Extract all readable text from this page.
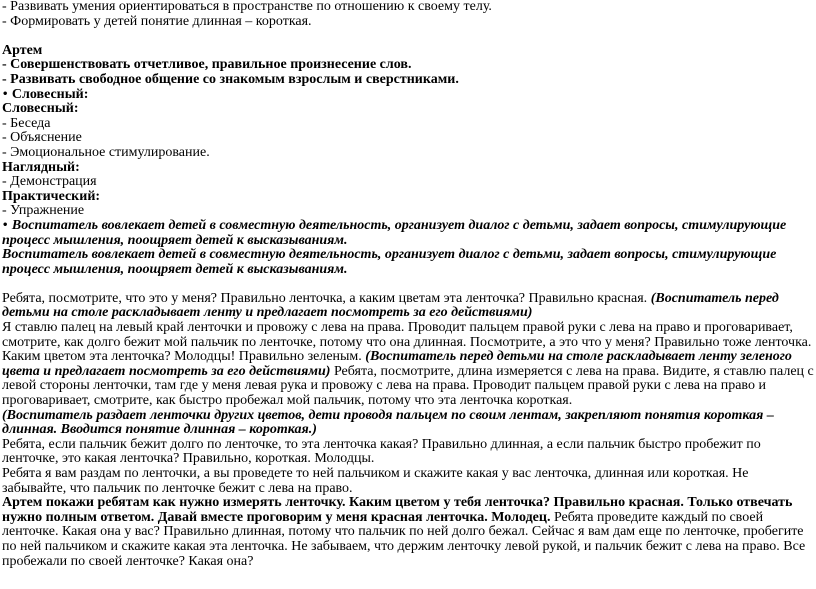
- Развивать умения ориентироваться в пространстве по отношению к своему телу.

- Формировать у детей понятие длинная – короткая.

Артем

- Совершенствовать отчетливое, правильное произнесение слов.

- Развивать свободное общение со знакомым взрослым и сверстниками.

• Словесный:

Словесный:

- Беседа

- Объяснение

- Эмоциональное стимулирование.

Наглядный:

- Демонстрация

Практический:

- Упражнение

• Воспитатель вовлекает детей в совместную деятельность, организует диалог с детьми, задает вопросы, стимулирующие процесс мышления, поощряет детей к высказываниям.

Воспитатель вовлекает детей в совместную деятельность, организует диалог с детьми, задает вопросы, стимулирующие процесс мышления, поощряет детей к высказываниям.

Ребята, посмотрите, что это у меня? Правильно ленточка, а каким цветам эта ленточка? Правильно красная. (Воспитатель перед детьми на столе раскладывает ленту и предлагает посмотреть за его действиями)

Я ставлю палец на левый край ленточки и провожу с лева на права. Проводит пальцем правой руки с лева на право и проговаривает, смотрите, как долго бежит мой пальчик по ленточке, потому что она длинная. Посмотрите, а это что у меня? Правильно тоже ленточка. Каким цветом эта ленточка? Молодцы! Правильно зеленым. (Воспитатель перед детьми на столе раскладывает ленту зеленого цвета и предлагает посмотреть за его действиями) Ребята, посмотрите, длина измеряется с лева на права. Видите, я ставлю палец с левой стороны ленточки, там где у меня левая рука и провожу с лева на права. Проводит пальцем правой руки с лева на право и проговаривает, смотрите, как быстро пробежал мой пальчик, потому что эта ленточка короткая.

(Воспитатель раздает ленточки других цветов, дети проводя пальцем по своим лентам, закрепляют понятия короткая – длинная. Вводится понятие длинная – короткая.)

Ребята, если пальчик бежит долго по ленточке, то эта ленточка какая? Правильно длинная, а если пальчик быстро пробежит по ленточке, это какая ленточка? Правильно, короткая. Молодцы.

Ребята я вам раздам по ленточки, а вы проведете то ней пальчиком и скажите какая у вас ленточка, длинная или короткая. Не забывайте, что пальчик по ленточке бежит с лева на право.

Артем покажи ребятам как нужно измерять ленточку. Каким цветом у тебя ленточка? Правильно красная. Только отвечать нужно полным ответом. Давай вместе проговорим у меня красная ленточка. Молодец. Ребята проведите каждый по своей ленточке. Какая она у вас? Правильно длинная, потому что пальчик по ней долго бежал. Сейчас я вам дам еще по ленточке, пробегите по ней пальчиком и скажите какая эта ленточка. Не забываем, что держим ленточку левой рукой, и пальчик бежит с лева на право. Все пробежали по своей ленточке? Какая она?
